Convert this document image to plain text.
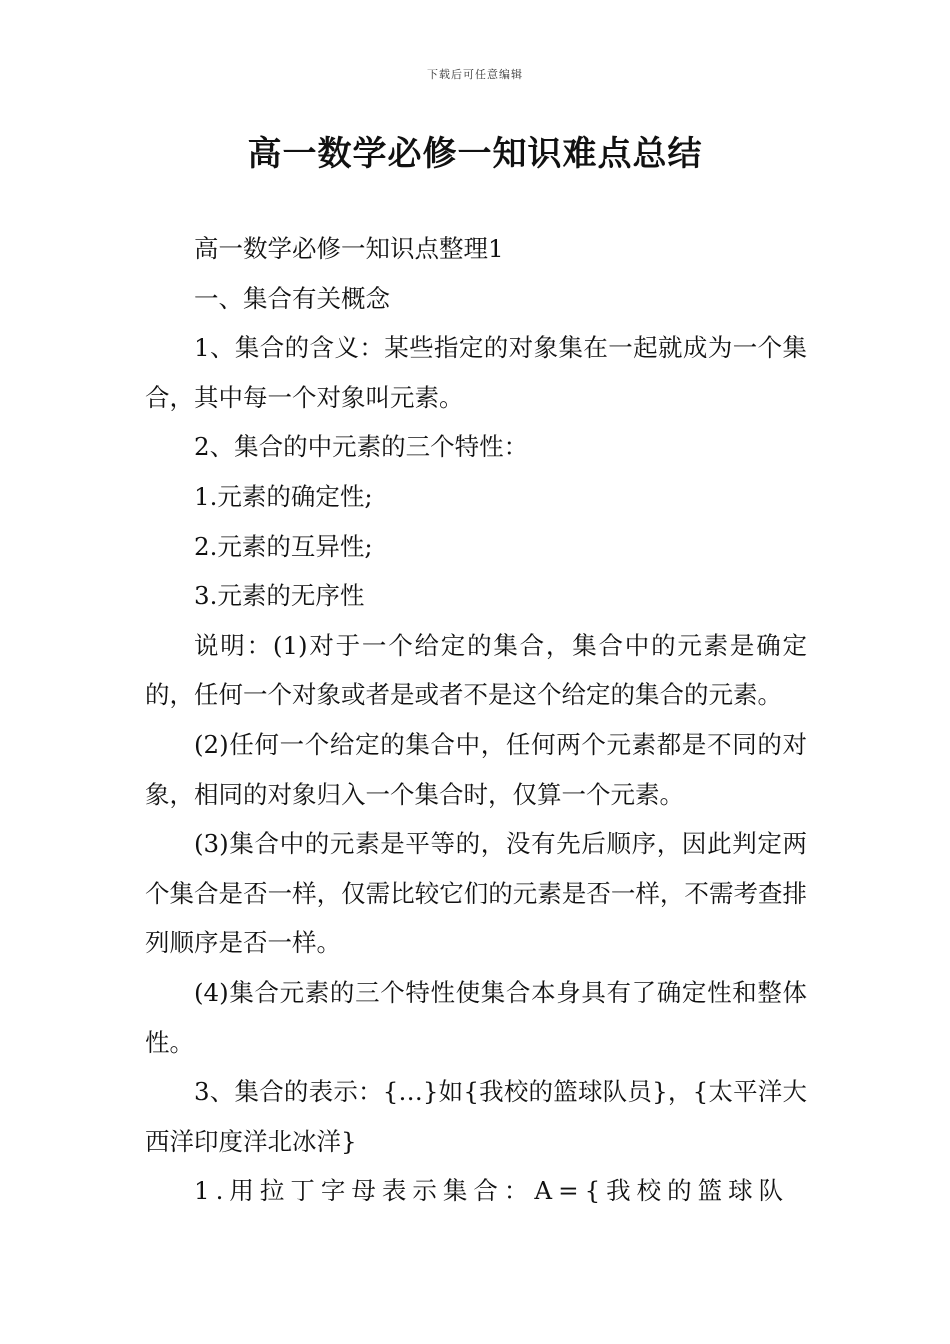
下载后可任意编辑
高一数学必修一知识难点总结

高一数学必修一知识点整理1

一、集合有关概念

1、集合的含义：某些指定的对象集在一起就成为一个集合，其中每一个对象叫元素。

2、集合的中元素的三个特性：

1.元素的确定性;

2.元素的互异性;

3.元素的无序性

说明：(1)对于一个给定的集合，集合中的元素是确定的，任何一个对象或者是或者不是这个给定的集合的元素。

(2)任何一个给定的集合中，任何两个元素都是不同的对象，相同的对象归入一个集合时，仅算一个元素。

(3)集合中的元素是平等的，没有先后顺序，因此判定两个集合是否一样，仅需比较它们的元素是否一样，不需考查排列顺序是否一样。

(4)集合元素的三个特性使集合本身具有了确定性和整体性。

3、集合的表示：{…}如{我校的篮球队员}，{太平洋大西洋印度洋北冰洋}

1.用拉丁字母表示集合：A={我校的篮球队
